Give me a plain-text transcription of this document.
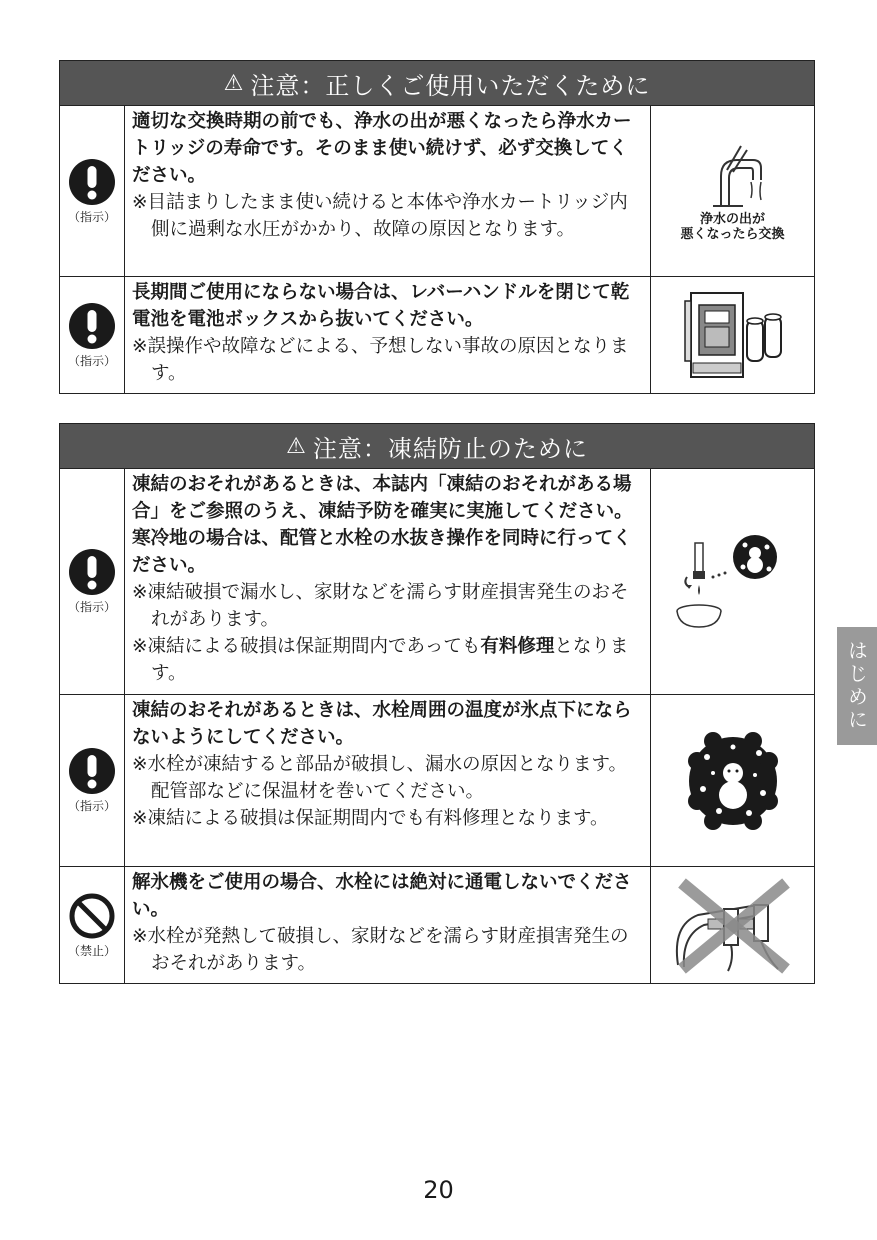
⚠ 注意：正しくご使用いただくために
（指示）
適切な交換時期の前でも、浄水の出が悪くなったら浄水カートリッジの寿命です。そのまま使い続けず、必ず交換してください。
※目詰まりしたまま使い続けると本体や浄水カートリッジ内側に過剰な水圧がかかり、故障の原因となります。	浄水の出が
悪くなったら交換
（指示）
長期間ご使用にならない場合は、レバーハンドルを閉じて乾電池を電池ボックスから抜いてください。
※誤操作や故障などによる、予想しない事故の原因となります。
⚠ 注意：凍結防止のために
（指示）
凍結のおそれがあるときは、本誌内「凍結のおそれがある場合」をご参照のうえ、凍結予防を確実に実施してください。寒冷地の場合は、配管と水栓の水抜き操作を同時に行ってください。
※凍結破損で漏水し、家財などを濡らす財産損害発生のおそれがあります。
※凍結による破損は保証期間内であっても有料修理となります。
（指示）
凍結のおそれがあるときは、水栓周囲の温度が氷点下にならないようにしてください。
※水栓が凍結すると部品が破損し、漏水の原因となります。配管部などに保温材を巻いてください。
※凍結による破損は保証期間内でも有料修理となります。
（禁止）
解氷機をご使用の場合、水栓には絶対に通電しないでください。
※水栓が発熱して破損し、家財などを濡らす財産損害発生のおそれがあります。
はじめに
20
